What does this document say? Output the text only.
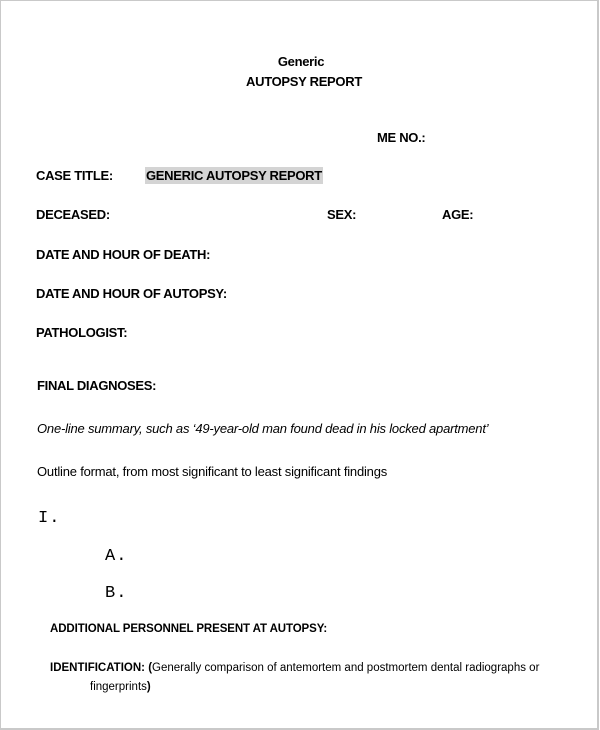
Generic
AUTOPSY REPORT
ME NO.:
CASE TITLE:	GENERIC AUTOPSY REPORT
DECEASED:	SEX:	AGE:
DATE AND HOUR OF DEATH:
DATE AND HOUR OF AUTOPSY:
PATHOLOGIST:
FINAL DIAGNOSES:
One-line summary, such as ‘49-year-old man found dead in his locked apartment’
Outline format, from most significant to least significant findings
I.
A.
B.
ADDITIONAL PERSONNEL PRESENT AT AUTOPSY:
IDENTIFICATION: (Generally comparison of antemortem and postmortem dental radiographs or
fingerprints)
